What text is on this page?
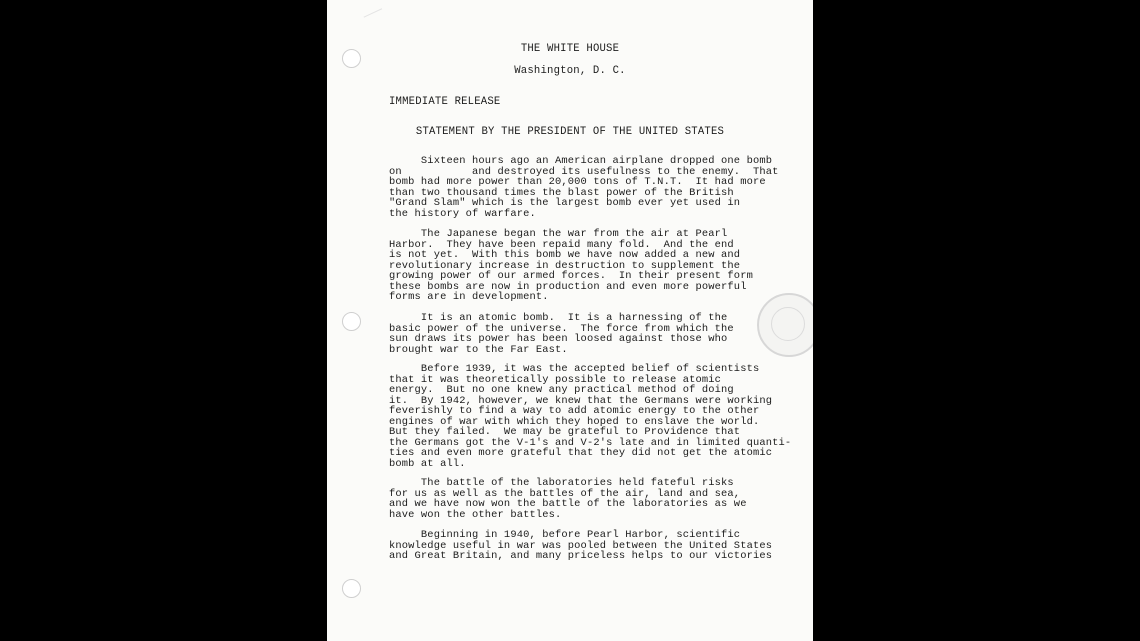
THE WHITE HOUSE
Washington, D. C.
IMMEDIATE RELEASE
STATEMENT BY THE PRESIDENT OF THE UNITED STATES
Sixteen hours ago an American airplane dropped one bomb
on           and destroyed its usefulness to the enemy.  That
bomb had more power than 20,000 tons of T.N.T.  It had more
than two thousand times the blast power of the British
"Grand Slam" which is the largest bomb ever yet used in
the history of warfare.
The Japanese began the war from the air at Pearl
Harbor.  They have been repaid many fold.  And the end
is not yet.  With this bomb we have now added a new and
revolutionary increase in destruction to supplement the
growing power of our armed forces.  In their present form
these bombs are now in production and even more powerful
forms are in development.
It is an atomic bomb.  It is a harnessing of the
basic power of the universe.  The force from which the
sun draws its power has been loosed against those who
brought war to the Far East.
Before 1939, it was the accepted belief of scientists
that it was theoretically possible to release atomic
energy.  But no one knew any practical method of doing
it.  By 1942, however, we knew that the Germans were working
feverishly to find a way to add atomic energy to the other
engines of war with which they hoped to enslave the world.
But they failed.  We may be grateful to Providence that
the Germans got the V-1's and V-2's late and in limited quanti-
ties and even more grateful that they did not get the atomic
bomb at all.
The battle of the laboratories held fateful risks
for us as well as the battles of the air, land and sea,
and we have now won the battle of the laboratories as we
have won the other battles.
Beginning in 1940, before Pearl Harbor, scientific
knowledge useful in war was pooled between the United States
and Great Britain, and many priceless helps to our victories
